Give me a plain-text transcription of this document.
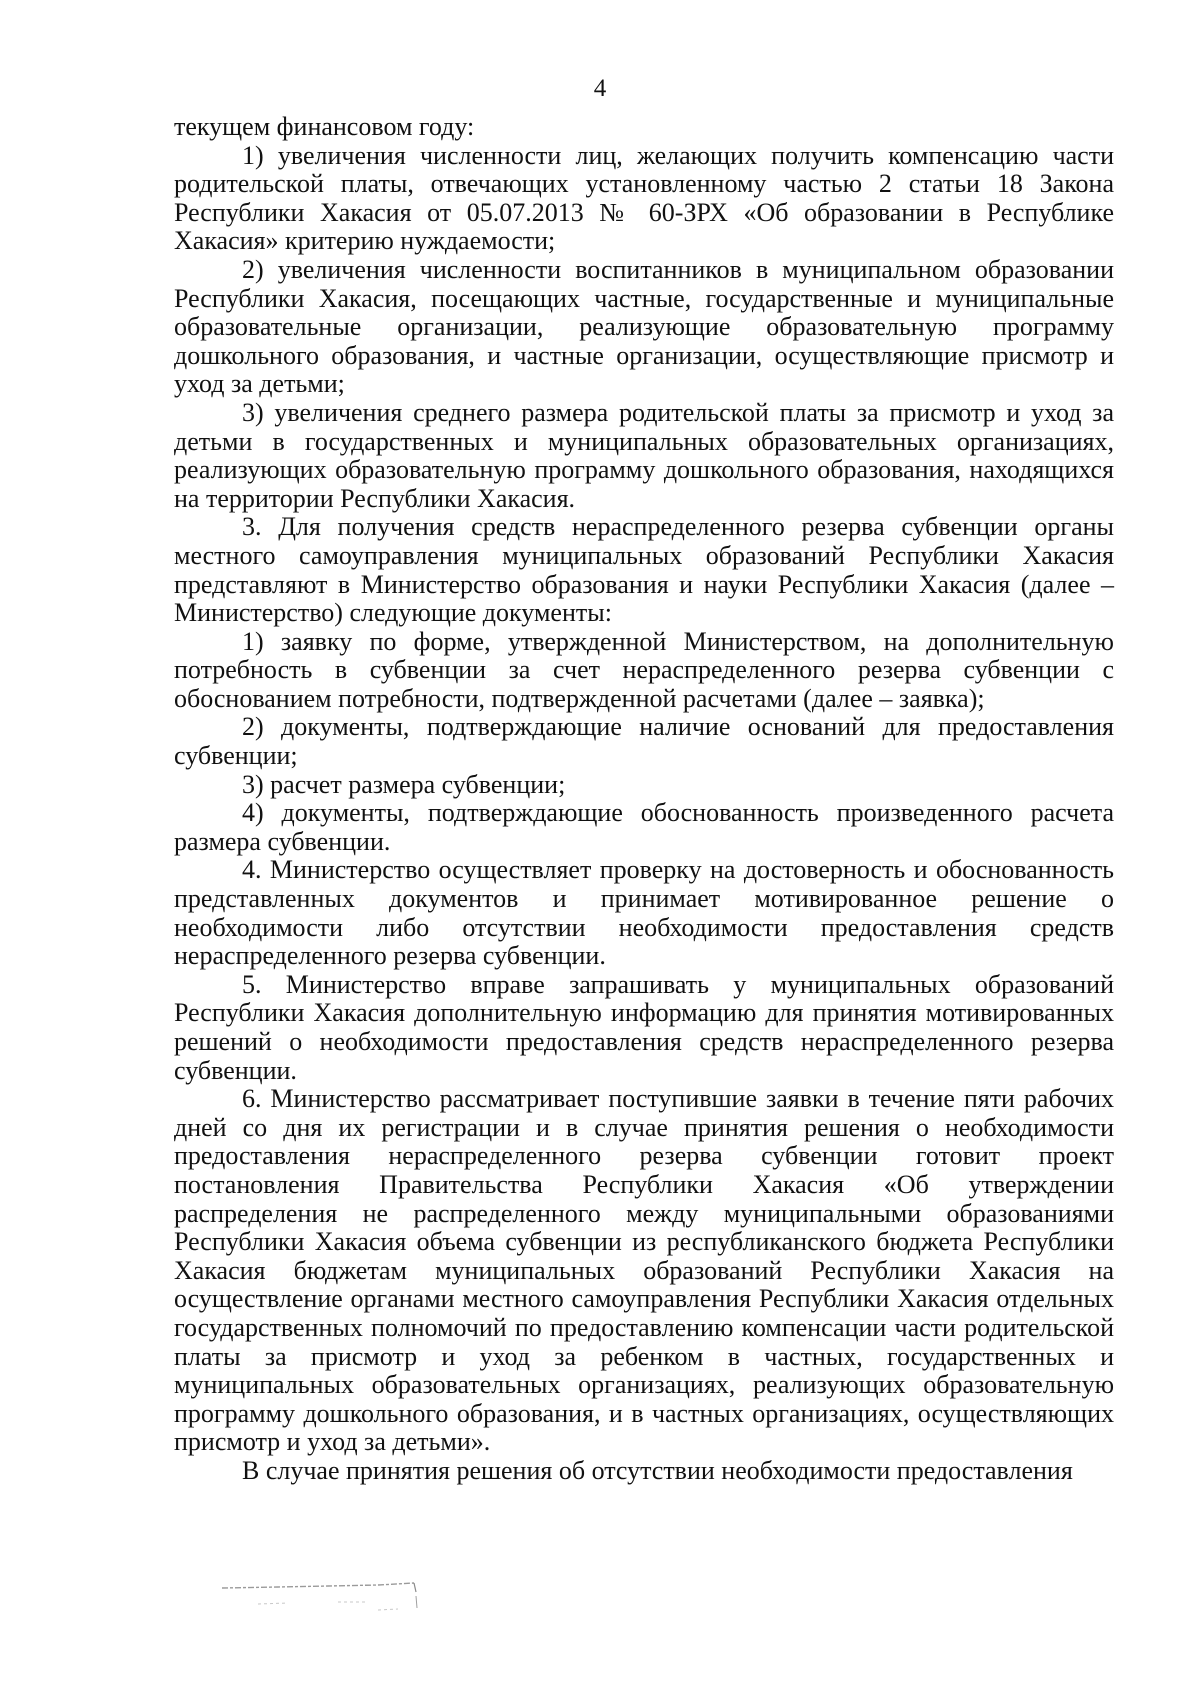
4

текущем финансовом году:

1) увеличения численности лиц, желающих получить компенсацию части родительской платы, отвечающих установленному частью 2 статьи 18 Закона Республики Хакасия от 05.07.2013 № 60-ЗРХ «Об образовании в Республике Хакасия» критерию нуждаемости;

2) увеличения численности воспитанников в муниципальном образовании Республики Хакасия, посещающих частные, государственные и муниципальные образовательные организации, реализующие образовательную программу дошкольного образования, и частные организации, осуществляющие присмотр и уход за детьми;

3) увеличения среднего размера родительской платы за присмотр и уход за детьми в государственных и муниципальных образовательных организациях, реализующих образовательную программу дошкольного образования, находящихся на территории Республики Хакасия.

3. Для получения средств нераспределенного резерва субвенции органы местного самоуправления муниципальных образований Республики Хакасия представляют в Министерство образования и науки Республики Хакасия (далее – Министерство) следующие документы:

1) заявку по форме, утвержденной Министерством, на дополнительную потребность в субвенции за счет нераспределенного резерва субвенции с обоснованием потребности, подтвержденной расчетами (далее – заявка);

2) документы, подтверждающие наличие оснований для предоставления субвенции;

3) расчет размера субвенции;

4) документы, подтверждающие обоснованность произведенного расчета размера субвенции.

4. Министерство осуществляет проверку на достоверность и обоснованность представленных документов и принимает мотивированное решение о необходимости либо отсутствии необходимости предоставления средств нераспределенного резерва субвенции.

5. Министерство вправе запрашивать у муниципальных образований Республики Хакасия дополнительную информацию для принятия мотивированных решений о необходимости предоставления средств нераспределенного резерва субвенции.

6. Министерство рассматривает поступившие заявки в течение пяти рабочих дней со дня их регистрации и в случае принятия решения о необходимости предоставления нераспределенного резерва субвенции готовит проект постановления Правительства Республики Хакасия «Об утверждении распределения не распределенного между муниципальными образованиями Республики Хакасия объема субвенции из республиканского бюджета Республики Хакасия бюджетам муниципальных образований Республики Хакасия на осуществление органами местного самоуправления Республики Хакасия отдельных государственных полномочий по предоставлению компенсации части родительской платы за присмотр и уход за ребенком в частных, государственных и муниципальных образовательных организациях, реализующих образовательную программу дошкольного образования, и в частных организациях, осуществляющих присмотр и уход за детьми».

В случае принятия решения об отсутствии необходимости предоставления
